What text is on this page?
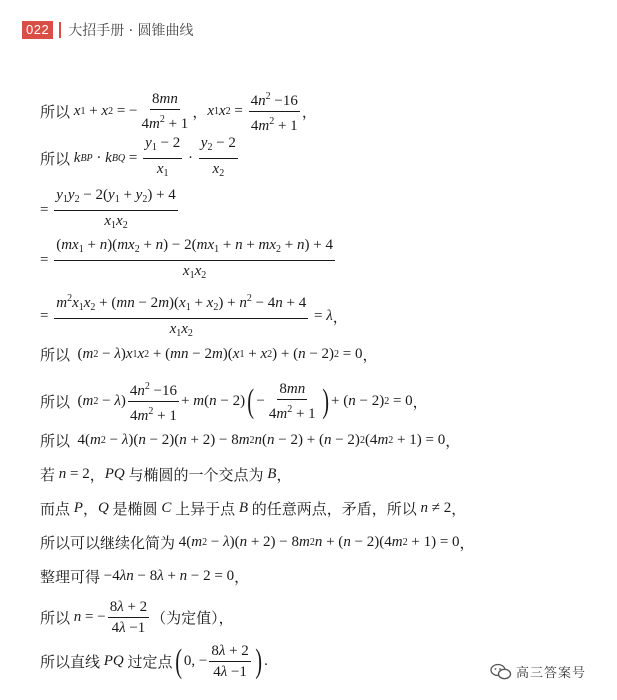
022 大招手册 · 圆锥曲线
所以
x 1 + x 2 = − $\frac{8mn}{4m^2 + 1}$ ， x 1 x $2 = \frac{4n^2 -16}{4m^2 + 1}$ ，
所以
k BP · k BQ = $\frac{y_1 - 2}{x_1} \cdot \frac{y_2 - 2}{x_2}$
= $\frac{y_1y_2 - 2(y_1 + y_2) + 4}{x_1x_2}$
= $\frac{(mx_1 + n)(mx_2 + n) - 2(mx_1 + n + mx_2 + n) + 4}{x_1x_2}$
= $\frac{m^2x_1x_2 + (mn - 2m)(x_1 + x_2) + n^2 - 4n + 4}{x_1x_2} = \lambda$ ，
所以 ( m 2 − λ ) x 1 x 2 + ( mn − 2 m )( x 1 + x 2 ) + ( n − 2) 2 = 0 ，
所以 ( m 2 − λ ) $\frac{4n^2 -16}{4m^2 + 1} + m$ ( n − 2) ( − $\frac{8mn}{4m^2 + 1}$ ) + ( n − 2) 2 = 0 ，
所以 4( m 2 − λ )( n − 2)( n + 2) − 8 m 2 n ( n − 2) + ( n − 2) 2 (4 m 2 + 1) = 0 ，
若
n = 2 ， PQ
与椭圆的一个交点为
B ，
而点
P ， Q
是椭圆
C
上异于点
B
的任意两点，矛盾，所以
n ≠ 2 ，
所以可以继续化简为 4( m 2 − λ )( n + 2) − 8 m 2 n + ( n − 2)(4 m 2 + 1) = 0 ，
整理可得 −4 λn − 8 λ + n − 2 = 0 ，
所以
n = − $\frac{8\lambda + 2}{4\lambda -1}$ （为定值），
所以直线
PQ
过定点 ( 0, − $\frac{8\lambda + 2}{4\lambda -1}$ ) .
高三答案号
